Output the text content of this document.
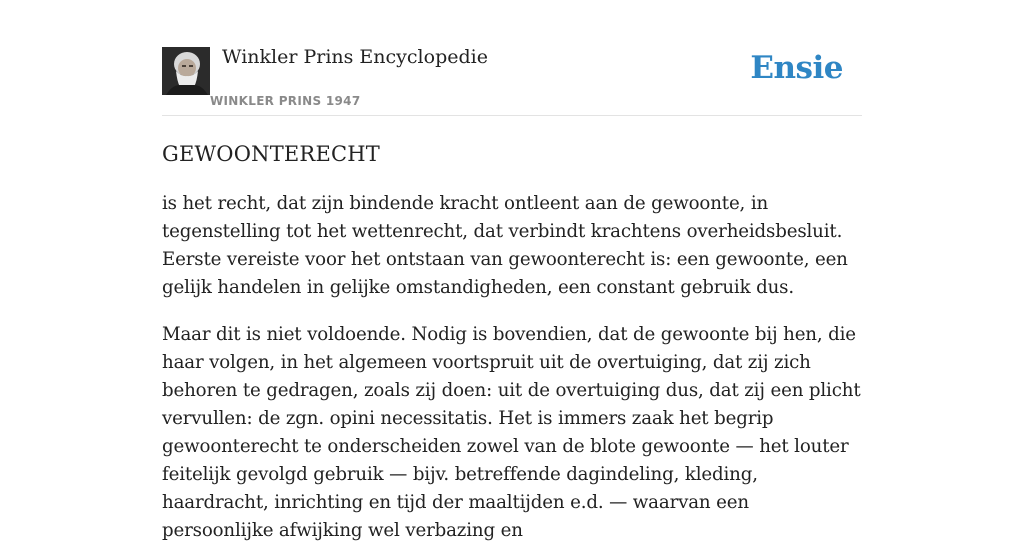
Winkler Prins Encyclopedie
WINKLER PRINS 1947
Ensie
GEWOONTERECHT

is het recht, dat zijn bindende kracht ontleent aan de gewoonte, in tegenstelling tot het wettenrecht, dat verbindt krachtens overheidsbesluit. Eerste vereiste voor het ontstaan van gewoonterecht is: een gewoonte, een gelijk handelen in gelijke omstandigheden, een constant gebruik dus.

Maar dit is niet voldoende. Nodig is bovendien, dat de gewoonte bij hen, die haar volgen, in het algemeen voortspruit uit de overtuiging, dat zij zich behoren te gedragen, zoals zij doen: uit de overtuiging dus, dat zij een plicht vervullen: de zgn. opini necessitatis. Het is immers zaak het begrip gewoonterecht te onderscheiden zowel van de blote gewoonte — het louter feitelijk gevolgd gebruik — bijv. betreffende dagindeling, kleding, haardracht, inrichting en tijd der maaltijden e.d. — waarvan een persoonlijke afwijking wel verbazing en
